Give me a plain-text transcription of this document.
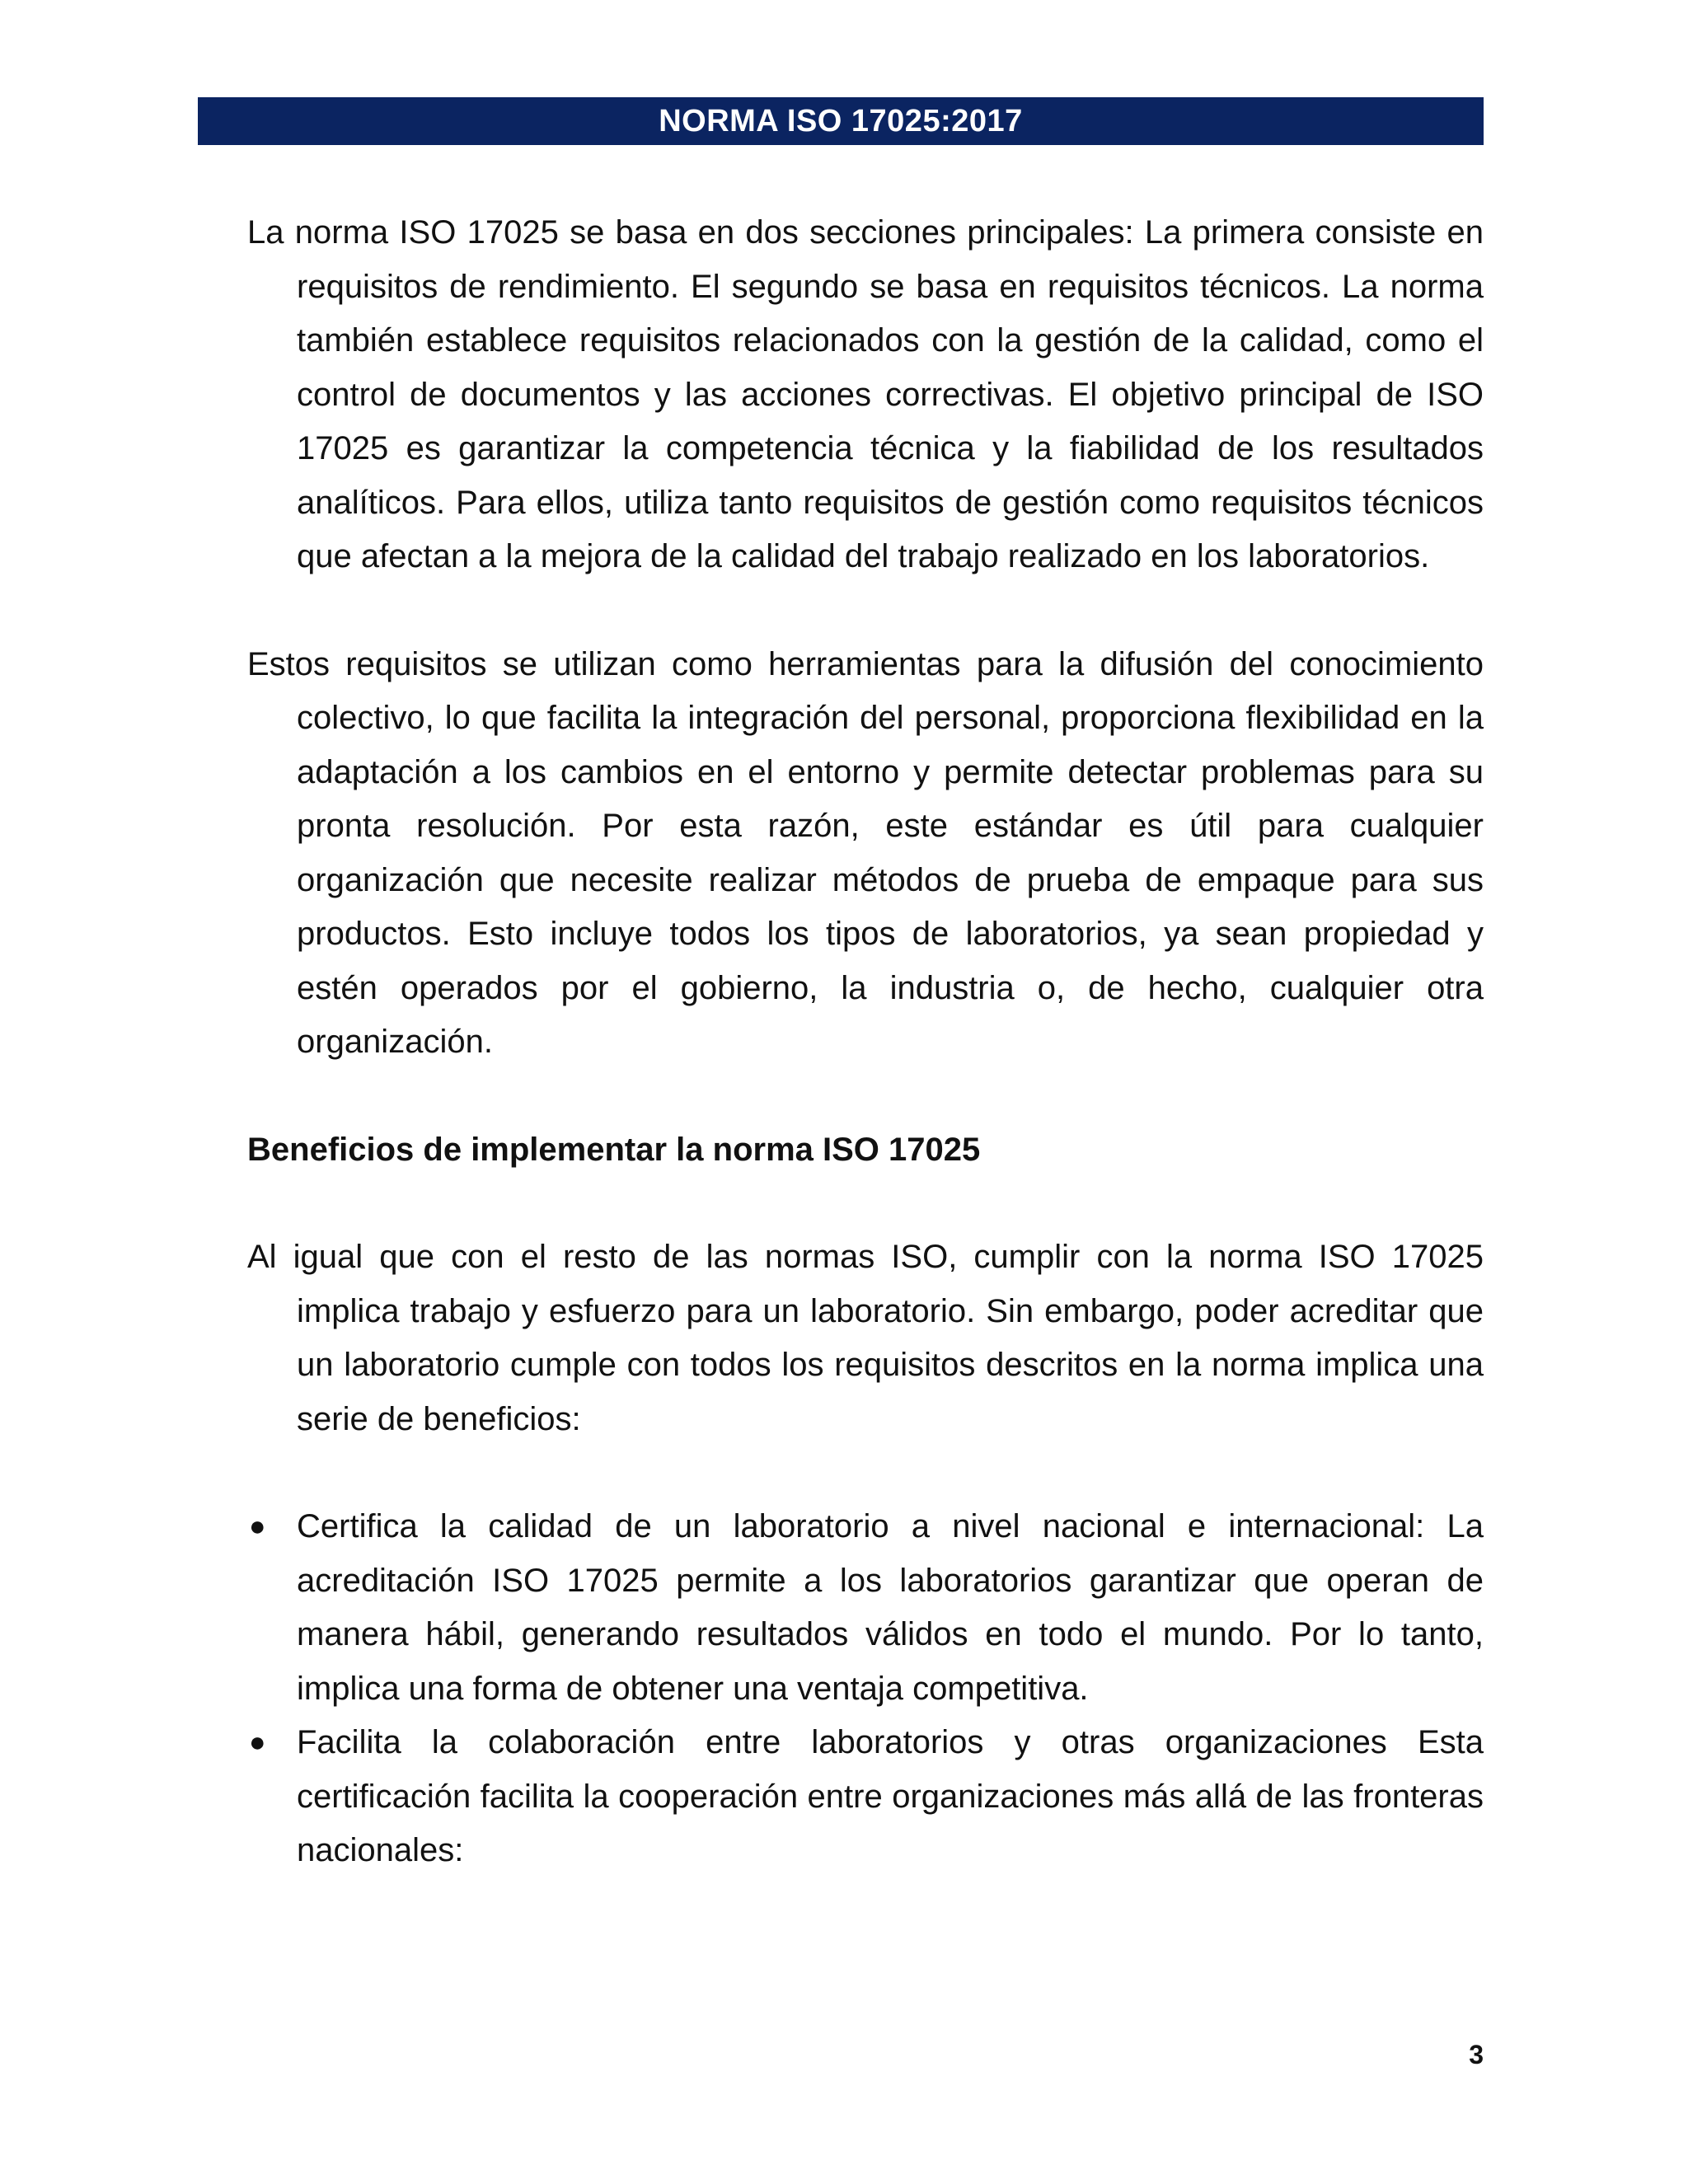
NORMA ISO 17025:2017

La norma ISO 17025 se basa en dos secciones principales: La primera consiste en requisitos de rendimiento. El segundo se basa en requisitos técnicos. La norma también establece requisitos relacionados con la gestión de la calidad, como el control de documentos y las acciones correctivas. El objetivo principal de ISO 17025 es garantizar la competencia técnica y la fiabilidad de los resultados analíticos. Para ellos, utiliza tanto requisitos de gestión como requisitos técnicos que afectan a la mejora de la calidad del trabajo realizado en los laboratorios.

Estos requisitos se utilizan como herramientas para la difusión del conocimiento colectivo, lo que facilita la integración del personal, proporciona flexibilidad en la adaptación a los cambios en el entorno y permite detectar problemas para su pronta resolución. Por esta razón, este estándar es útil para cualquier organización que necesite realizar métodos de prueba de empaque para sus productos. Esto incluye todos los tipos de laboratorios, ya sean propiedad y estén operados por el gobierno, la industria o, de hecho, cualquier otra organización.

Beneficios de implementar la norma ISO 17025

Al igual que con el resto de las normas ISO, cumplir con la norma ISO 17025 implica trabajo y esfuerzo para un laboratorio. Sin embargo, poder acreditar que un laboratorio cumple con todos los requisitos descritos en la norma implica una serie de beneficios:

● Certifica la calidad de un laboratorio a nivel nacional e internacional: La acreditación ISO 17025 permite a los laboratorios garantizar que operan de manera hábil, generando resultados válidos en todo el mundo. Por lo tanto, implica una forma de obtener una ventaja competitiva.
● Facilita la colaboración entre laboratorios y otras organizaciones Esta certificación facilita la cooperación entre organizaciones más allá de las fronteras nacionales:
3
